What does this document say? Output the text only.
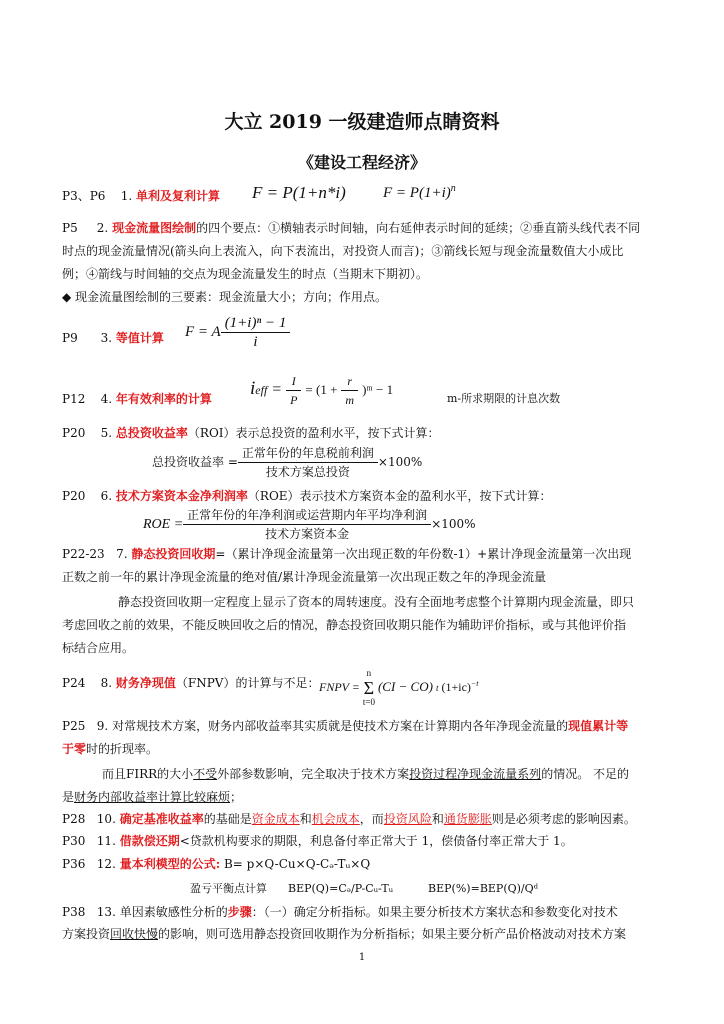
大立 2019 一级建造师点睛资料
《建设工程经济》
P3、P6 1. 单利及复利计算	F = P(1+n*i) $F = P(1+i)^n$
P5 2. 现金流量图绘制的四个要点：①横轴表示时间轴，向右延伸表示时间的延续；②垂直箭头线代表不同
时点的现金流量情况(箭头向上表流入，向下表流出，对投资人而言)；③箭线长短与现金流量数值大小成比
例；④箭线与时间轴的交点为现金流量发生的时点（当期末下期初）。
◆ 现金流量图绘制的三要素：现金流量大小；方向；作用点。
P9 3. 等值计算	F = A $\frac{\text{(1+i)ⁿ − 1}}{i}$
P12 4. 年有效利率的计算	ieff = $\frac{I}{P} = (1 + \frac{r}{m}$ )ᵐ − 1
m-所求期限的计息次数
P20 5. 总投资收益率（ROI）表示总投资的盈利水平，按下式计算：
总投资收益率 = $\frac{\text{正常年份的年息税前利润}}{\text{技术方案总投资}} \times 100\%$
P20 6. 技术方案资本金净利润率（ROE）表示技术方案资本金的盈利水平，按下式计算：
ROE = $\frac{\text{正常年份的年净利润或运营期内年平均净利润}}{\text{技术方案资本金}} \times 100\%$
P22-23 7. 静态投资回收期=（累计净现金流量第一次出现正数的年份数-1）+累计净现金流量第一次出现
正数之前一年的累计净现金流量的绝对值/累计净现金流量第一次出现正数之年的净现金流量
静态投资回收期一定程度上显示了资本的周转速度。没有全面地考虑整个计算期内现金流量，即只
考虑回收之前的效果，不能反映回收之后的情况，静态投资回收期只能作为辅助评价指标，或与其他评价指
标结合应用。
P24 8. 财务净现值（FNPV）的计算与不足： FNPV =
n
Σ
t=0
(CI − CO) t $(1+ic)^{-t}$
P25 9. 对常规技术方案，财务内部收益率其实质就是使技术方案在计算期内各年净现金流量的现值累计等
于零时的折现率。
而且FIRR的大小不受外部参数影响，完全取决于技术方案投资过程净现金流量系列的情况。 不足的
是财务内部收益率计算比较麻烦；
P28 10. 确定基准收益率的基础是资金成本和机会成本，而投资风险和通货膨胀则是必须考虑的影响因素。
P30 11. 借款偿还期<贷款机构要求的期限，利息备付率正常大于 1，偿债备付率正常大于 1。
P36 12. 量本利模型的公式: B= p×Q-Cu×Q-Cₔ-Tᵤ×Q
盈亏平衡点计算 BEP(Q)=Cₔ/P-Cᵤ-Tᵤ	BEP(%)=BEP(Q)/Qᵈ
P38 13. 单因素敏感性分析的步骤：（一）确定分析指标。如果主要分析技术方案状态和参数变化对技术
方案投资回收快慢的影响，则可选用静态投资回收期作为分析指标；如果主要分析产品价格波动对技术方案
1
